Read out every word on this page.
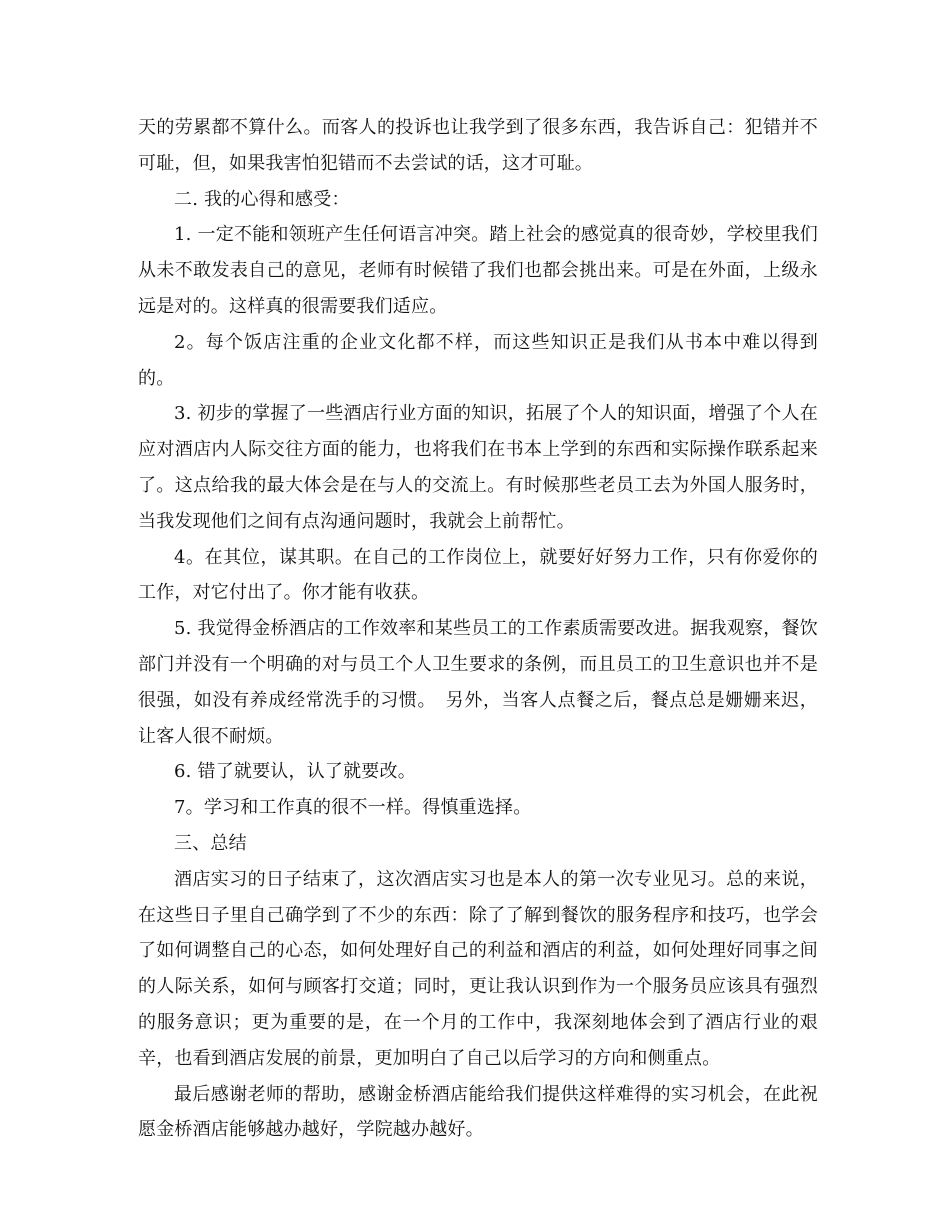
天的劳累都不算什么。而客人的投诉也让我学到了很多东西，我告诉自己：犯错并不可耻，但，如果我害怕犯错而不去尝试的话，这才可耻。

二. 我的心得和感受：

1. 一定不能和领班产生任何语言冲突。踏上社会的感觉真的很奇妙，学校里我们从未不敢发表自己的意见，老师有时候错了我们也都会挑出来。可是在外面，上级永远是对的。这样真的很需要我们适应。

2。每个饭店注重的企业文化都不样，而这些知识正是我们从书本中难以得到的。

3. 初步的掌握了一些酒店行业方面的知识，拓展了个人的知识面，增强了个人在应对酒店内人际交往方面的能力，也将我们在书本上学到的东西和实际操作联系起来了。这点给我的最大体会是在与人的交流上。有时候那些老员工去为外国人服务时，当我发现他们之间有点沟通问题时，我就会上前帮忙。

4。在其位，谋其职。在自己的工作岗位上，就要好好努力工作，只有你爱你的工作，对它付出了。你才能有收获。

5. 我觉得金桥酒店的工作效率和某些员工的工作素质需要改进。据我观察，餐饮部门并没有一个明确的对与员工个人卫生要求的条例，而且员工的卫生意识也并不是很强，如没有养成经常洗手的习惯。　另外，当客人点餐之后，餐点总是姗姗来迟，让客人很不耐烦。

6. 错了就要认，认了就要改。

7。学习和工作真的很不一样。得慎重选择。

三、总结

酒店实习的日子结束了，这次酒店实习也是本人的第一次专业见习。总的来说，在这些日子里自己确学到了不少的东西：除了了解到餐饮的服务程序和技巧，也学会了如何调整自己的心态，如何处理好自己的利益和酒店的利益，如何处理好同事之间的人际关系，如何与顾客打交道；同时，更让我认识到作为一个服务员应该具有强烈的服务意识；更为重要的是，在一个月的工作中，我深刻地体会到了酒店行业的艰辛，也看到酒店发展的前景，更加明白了自己以后学习的方向和侧重点。

最后感谢老师的帮助，感谢金桥酒店能给我们提供这样难得的实习机会，在此祝愿金桥酒店能够越办越好，学院越办越好。
